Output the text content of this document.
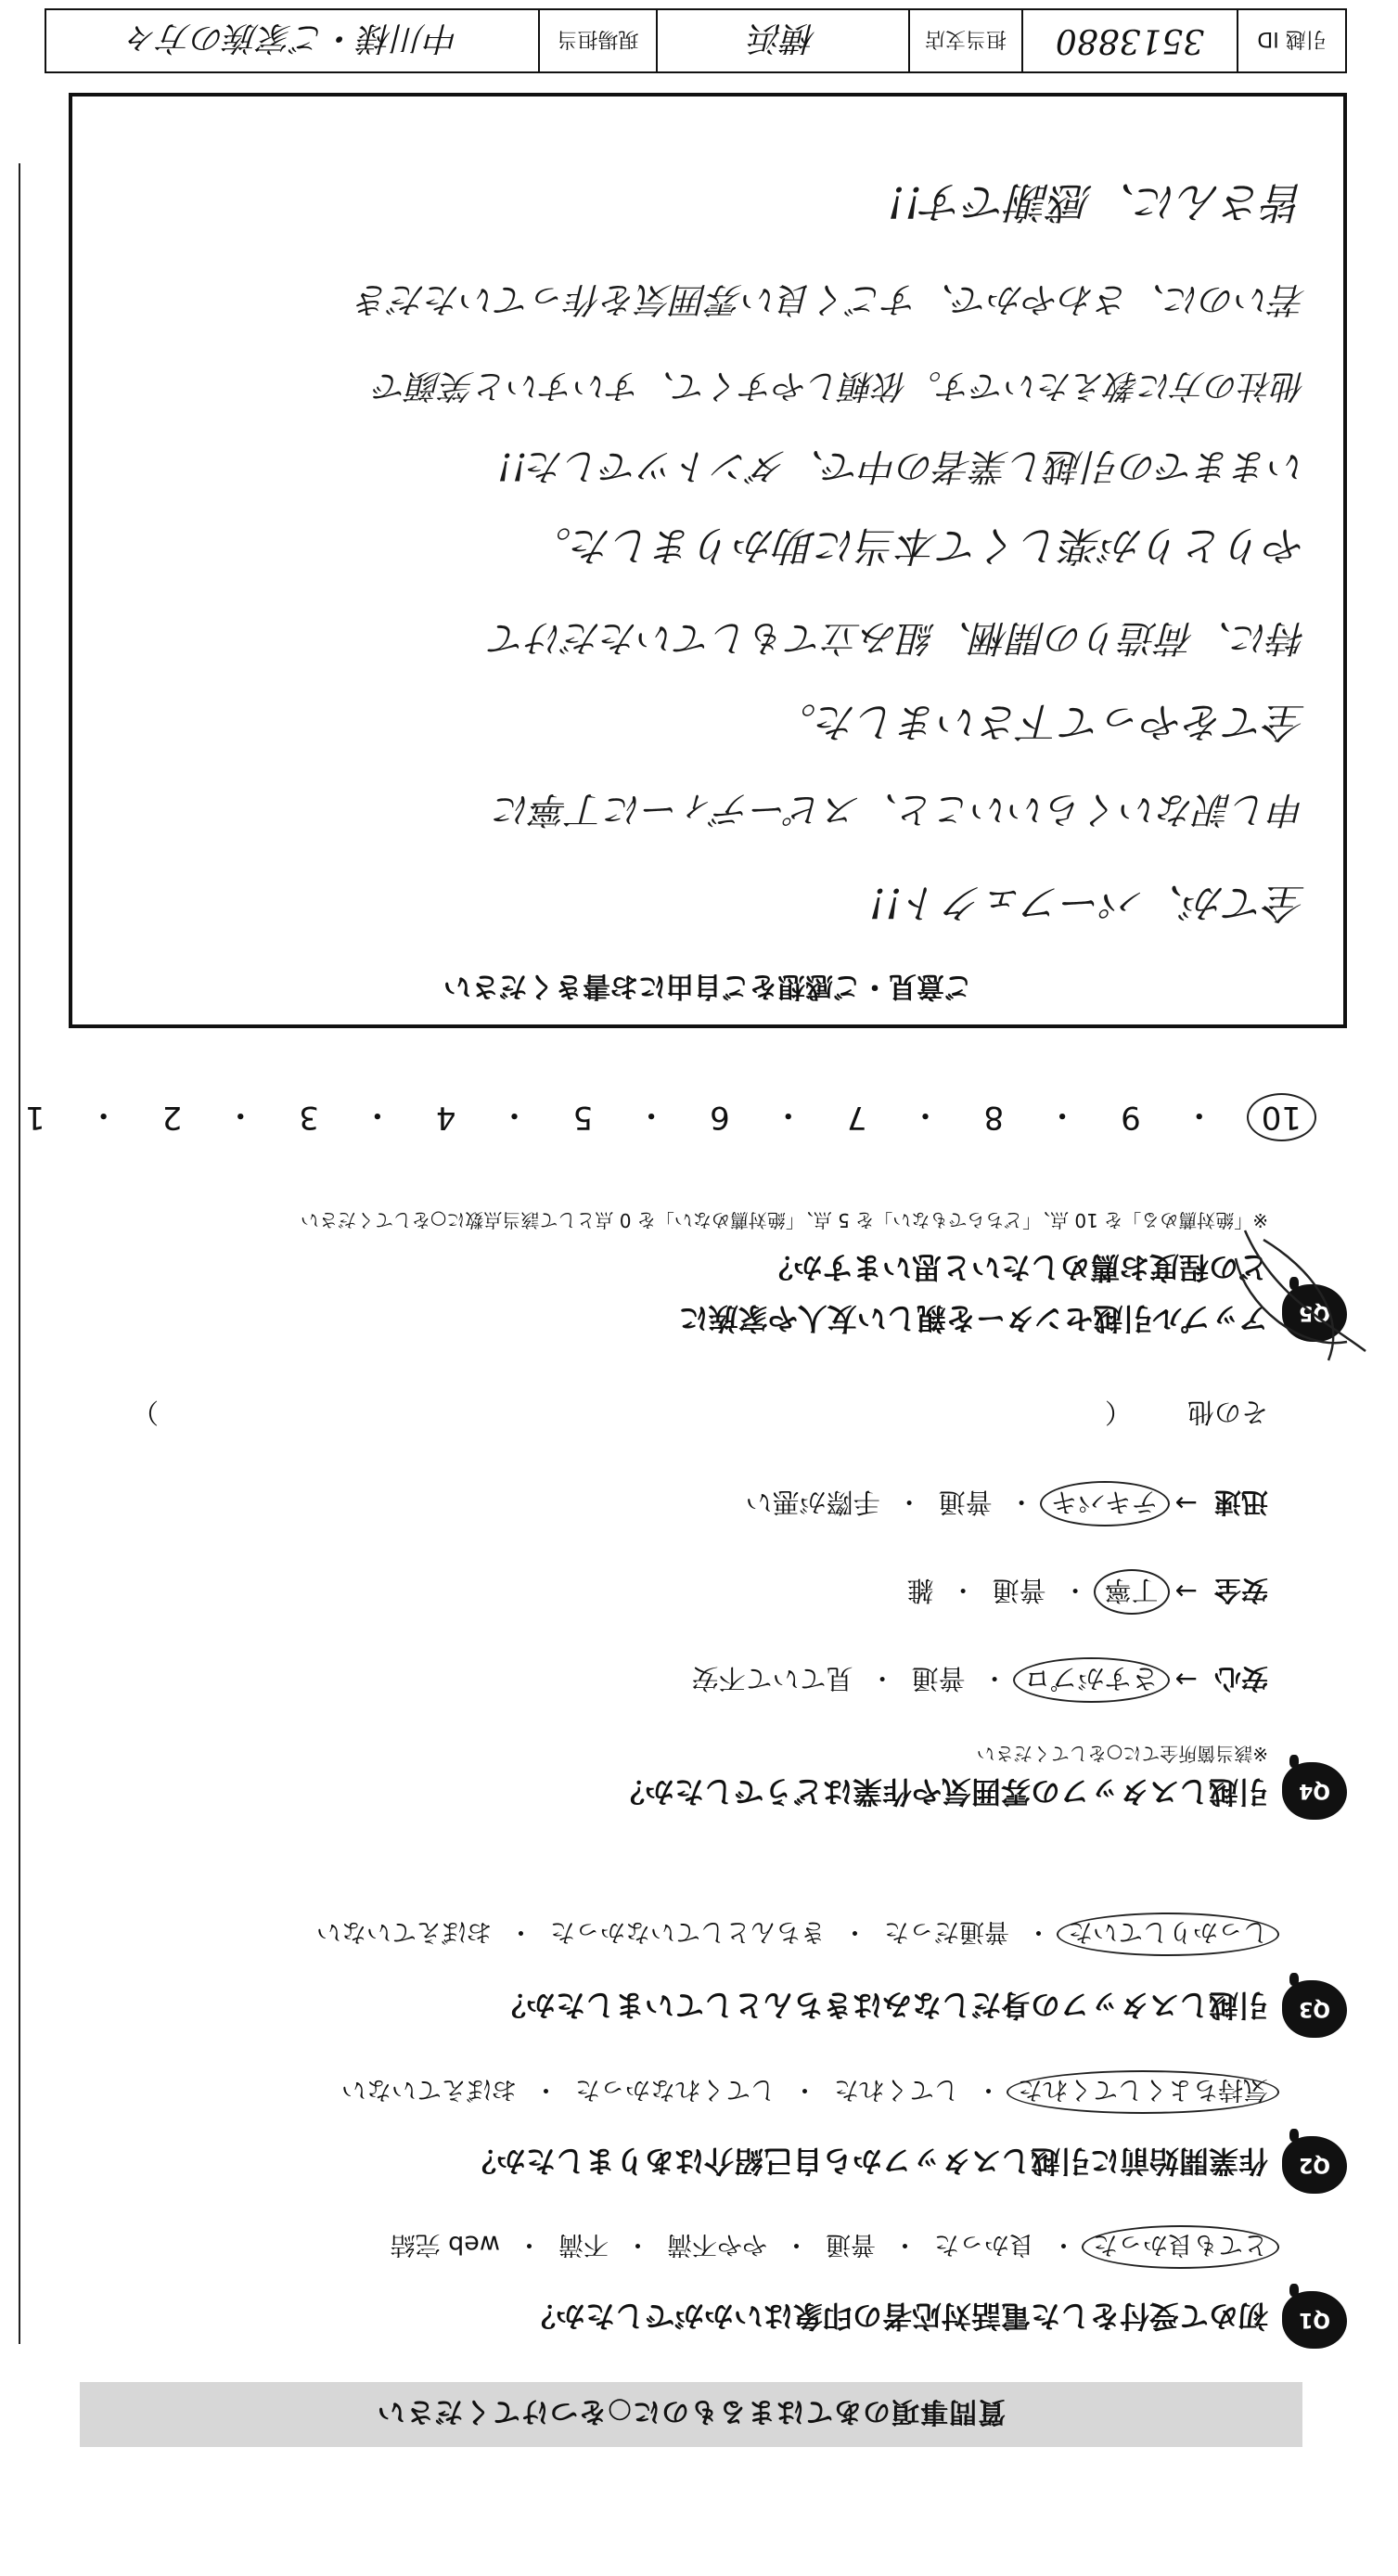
質問事項のあてはまるものに○をつけてください
Q1
初めて受付をした電話対応者の印象はいかがでしたか？
とても良かった
・
良かった
・
普通
・
やや不満
・
不満
・
web 完結
Q2
作業開始前に引越しスタッフから自己紹介はありましたか？
気持ちよくしてくれた
・
してくれた
・
してくれなかった
・
おぼえていない
Q3
引越しスタッフの身だしなみはきちんとしていましたか？
しっかりしていた
・
普通だった
・
きちんとしていなかった
・
おぼえていない
Q4
引越しスタッフの雰囲気や作業はどうでしたか？
※該当箇所全てに○をしてください
安心
→
さすがプロ
・
普通
・
見ていて不安
安全
→
丁寧
・
普通
・
雑
迅速
→
テキパキ
・
普通
・
手際が悪い
その他
（
）
Q5
アップル引越センターを親しい友人や家族に
どの程度お薦めしたいと思いますか？
※「絶対薦める」を 10 点、「どちらでもない」を 5 点、「絶対薦めない」を 0 点として該当点数に○をしてください
10
・
9
・
8
・
7
・
6
・
5
・
4
・
3
・
2
・
1
ご意見・ご感想をご自由にお書きください
全てが、パーフェクト!!
申し訳ないくらいいこと、スピーディーに丁寧に
全てをやって下さいました。
特に、荷造りの開梱、組み立てもしていただけて
やりとりが楽しくて本当に助かりました。
いままでの引越し業者の中で、ダントツでした!!
他社の方に教えたいです。依頼しやすくて、すいすいと笑顔で
若いのに、さわやかで、すごく良い雰囲気を作っていただき
皆さんに、感謝です!!
引越 ID
3513880
担当支店
横浜
現場担当
中川様・ご家族の方々
